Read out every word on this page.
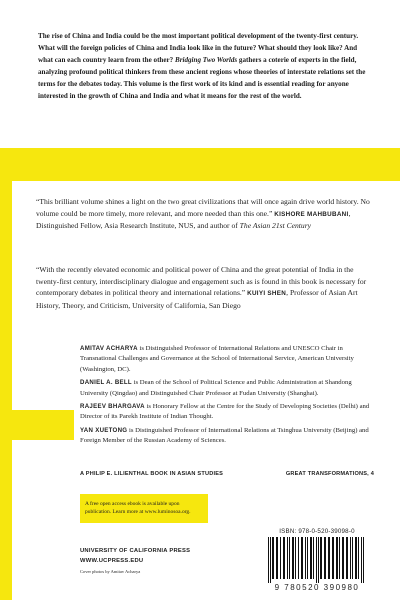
The rise of China and India could be the most important political development of the twenty-first century. What will the foreign policies of China and India look like in the future? What should they look like? And what can each country learn from the other? Bridging Two Worlds gathers a coterie of experts in the field, analyzing profound political thinkers from these ancient regions whose theories of interstate relations set the terms for the debates today. This volume is the first work of its kind and is essential reading for anyone interested in the growth of China and India and what it means for the rest of the world.
“This brilliant volume shines a light on the two great civilizations that will once again drive world history. No volume could be more timely, more relevant, and more needed than this one.” KISHORE MAHBUBANI, Distinguished Fellow, Asia Research Institute, NUS, and author of The Asian 21st Century
“With the recently elevated economic and political power of China and the great potential of India in the twenty-first century, interdisciplinary dialogue and engagement such as is found in this book is necessary for contemporary debates in political theory and international relations.” KUIYI SHEN, Professor of Asian Art History, Theory, and Criticism, University of California, San Diego
AMITAV ACHARYA is Distinguished Professor of International Relations and UNESCO Chair in Transnational Challenges and Governance at the School of International Service, American University (Washington, DC).
DANIEL A. BELL is Dean of the School of Political Science and Public Administration at Shandong University (Qingdao) and Distinguished Chair Professor at Fudan University (Shanghai).
RAJEEV BHARGAVA is Honorary Fellow at the Centre for the Study of Developing Societies (Delhi) and Director of its Parekh Institute of Indian Thought.
YAN XUETONG is Distinguished Professor of International Relations at Tsinghua University (Beijing) and Foreign Member of the Russian Academy of Sciences.
A PHILIP E. LILIENTHAL BOOK IN ASIAN STUDIES	GREAT TRANSFORMATIONS, 4
A free open access ebook is available upon publication. Learn more at www.luminosoa.org.
UNIVERSITY OF CALIFORNIA PRESS
WWW.UCPRESS.EDU
Cover photos by Amitav Acharya
ISBN: 978-0-520-39098-0
9 780520 390980
